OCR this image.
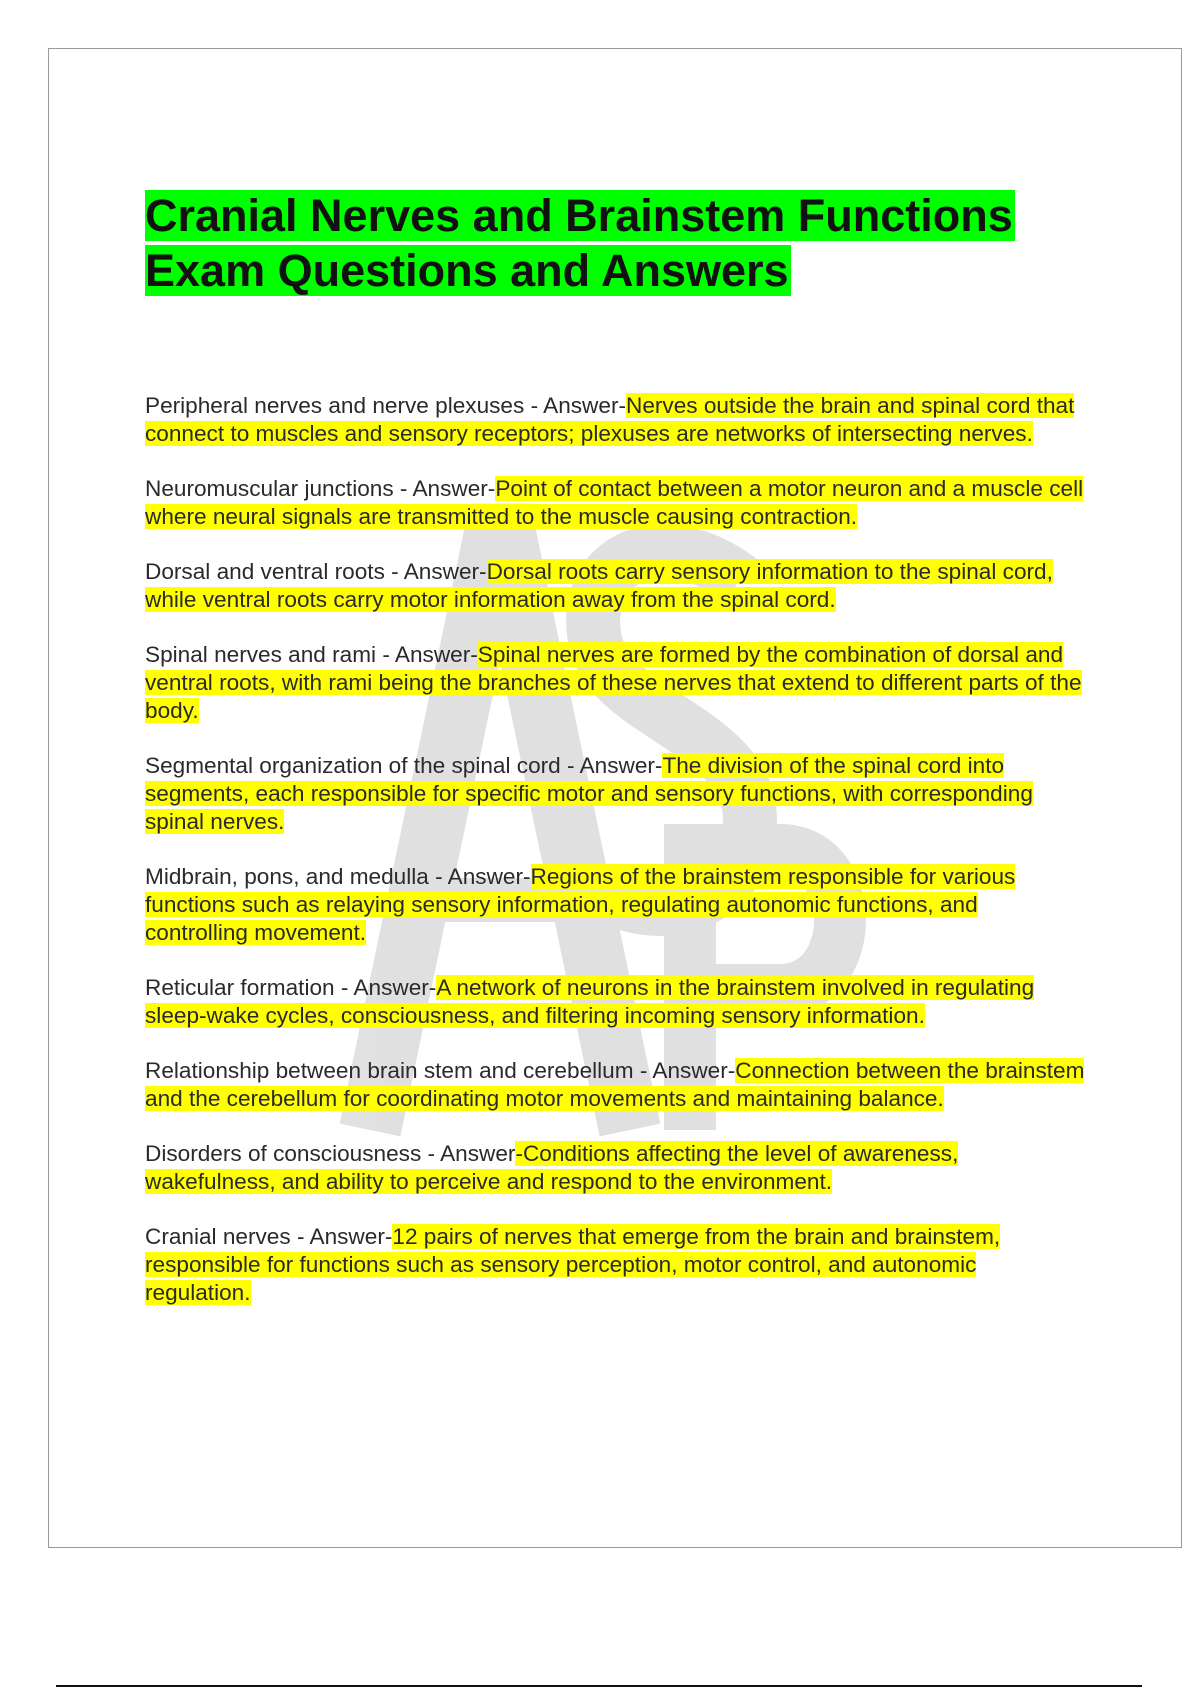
Cranial Nerves and Brainstem Functions
Exam Questions and Answers
Peripheral nerves and nerve plexuses - Answer-Nerves outside the brain and spinal cord that connect to muscles and sensory receptors; plexuses are networks of intersecting nerves.
Neuromuscular junctions - Answer-Point of contact between a motor neuron and a muscle cell where neural signals are transmitted to the muscle causing contraction.
Dorsal and ventral roots - Answer-Dorsal roots carry sensory information to the spinal cord, while ventral roots carry motor information away from the spinal cord.
Spinal nerves and rami - Answer-Spinal nerves are formed by the combination of dorsal and ventral roots, with rami being the branches of these nerves that extend to different parts of the body.
Segmental organization of the spinal cord - Answer-The division of the spinal cord into segments, each responsible for specific motor and sensory functions, with corresponding spinal nerves.
Midbrain, pons, and medulla - Answer-Regions of the brainstem responsible for various functions such as relaying sensory information, regulating autonomic functions, and controlling movement.
Reticular formation - Answer-A network of neurons in the brainstem involved in regulating sleep-wake cycles, consciousness, and filtering incoming sensory information.
Relationship between brain stem and cerebellum - Answer-Connection between the brainstem and the cerebellum for coordinating motor movements and maintaining balance.
Disorders of consciousness - Answer-Conditions affecting the level of awareness, wakefulness, and ability to perceive and respond to the environment.
Cranial nerves - Answer-12 pairs of nerves that emerge from the brain and brainstem, responsible for functions such as sensory perception, motor control, and autonomic regulation.
